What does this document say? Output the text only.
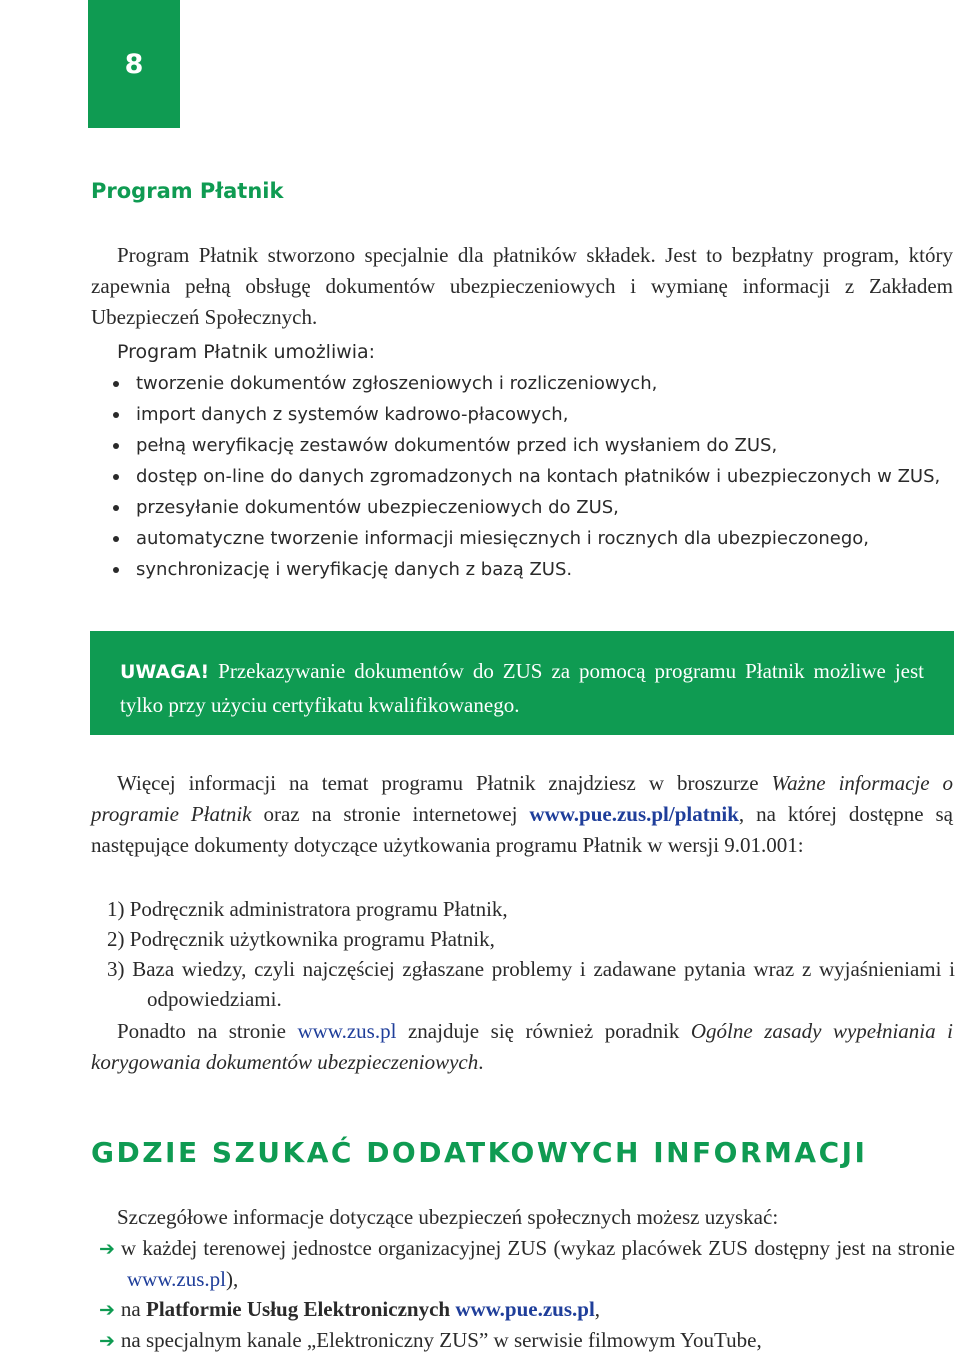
8
Program Płatnik

Program Płatnik stworzono specjalnie dla płatników składek. Jest to bezpłatny program, który zapewnia pełną obsługę dokumentów ubezpieczeniowych i wymianę informacji z Zakładem Ubezpieczeń Społecznych.

Program Płatnik umożliwia:

tworzenie dokumentów zgłoszeniowych i rozliczeniowych,
import danych z systemów kadrowo-płacowych,
pełną weryfikację zestawów dokumentów przed ich wysłaniem do ZUS,
dostęp on-line do danych zgromadzonych na kontach płatników i ubezpieczonych w ZUS,
przesyłanie dokumentów ubezpieczeniowych do ZUS,
automatyczne tworzenie informacji miesięcznych i rocznych dla ubezpieczonego,
synchronizację i weryfikację danych z bazą ZUS.
UWAGA! Przekazywanie dokumentów do ZUS za pomocą programu Płatnik możliwe jest tylko przy użyciu certyfikatu kwalifikowanego.

Więcej informacji na temat programu Płatnik znajdziesz w broszurze Ważne informacje o programie Płatnik oraz na stronie internetowej www.pue.zus.pl/platnik, na której dostępne są następujące dokumenty dotyczące użytkowania programu Płatnik w wersji 9.01.001:

1) Podręcznik administratora programu Płatnik,
2) Podręcznik użytkownika programu Płatnik,
3) Baza wiedzy, czyli najczęściej zgłaszane problemy i zadawane pytania wraz z wyjaśnieniami i odpowiedziami.

Ponadto na stronie www.zus.pl znajduje się również poradnik Ogólne zasady wypełniania i korygowania dokumentów ubezpieczeniowych.

GDZIE SZUKAĆ DODATKOWYCH INFORMACJI

Szczegółowe informacje dotyczące ubezpieczeń społecznych możesz uzyskać:

➔ w każdej terenowej jednostce organizacyjnej ZUS (wykaz placówek ZUS dostępny jest na stronie www.zus.pl),
➔ na Platformie Usług Elektronicznych www.pue.zus.pl,
➔ na specjalnym kanale „Elektroniczny ZUS” w serwisie filmowym YouTube,
